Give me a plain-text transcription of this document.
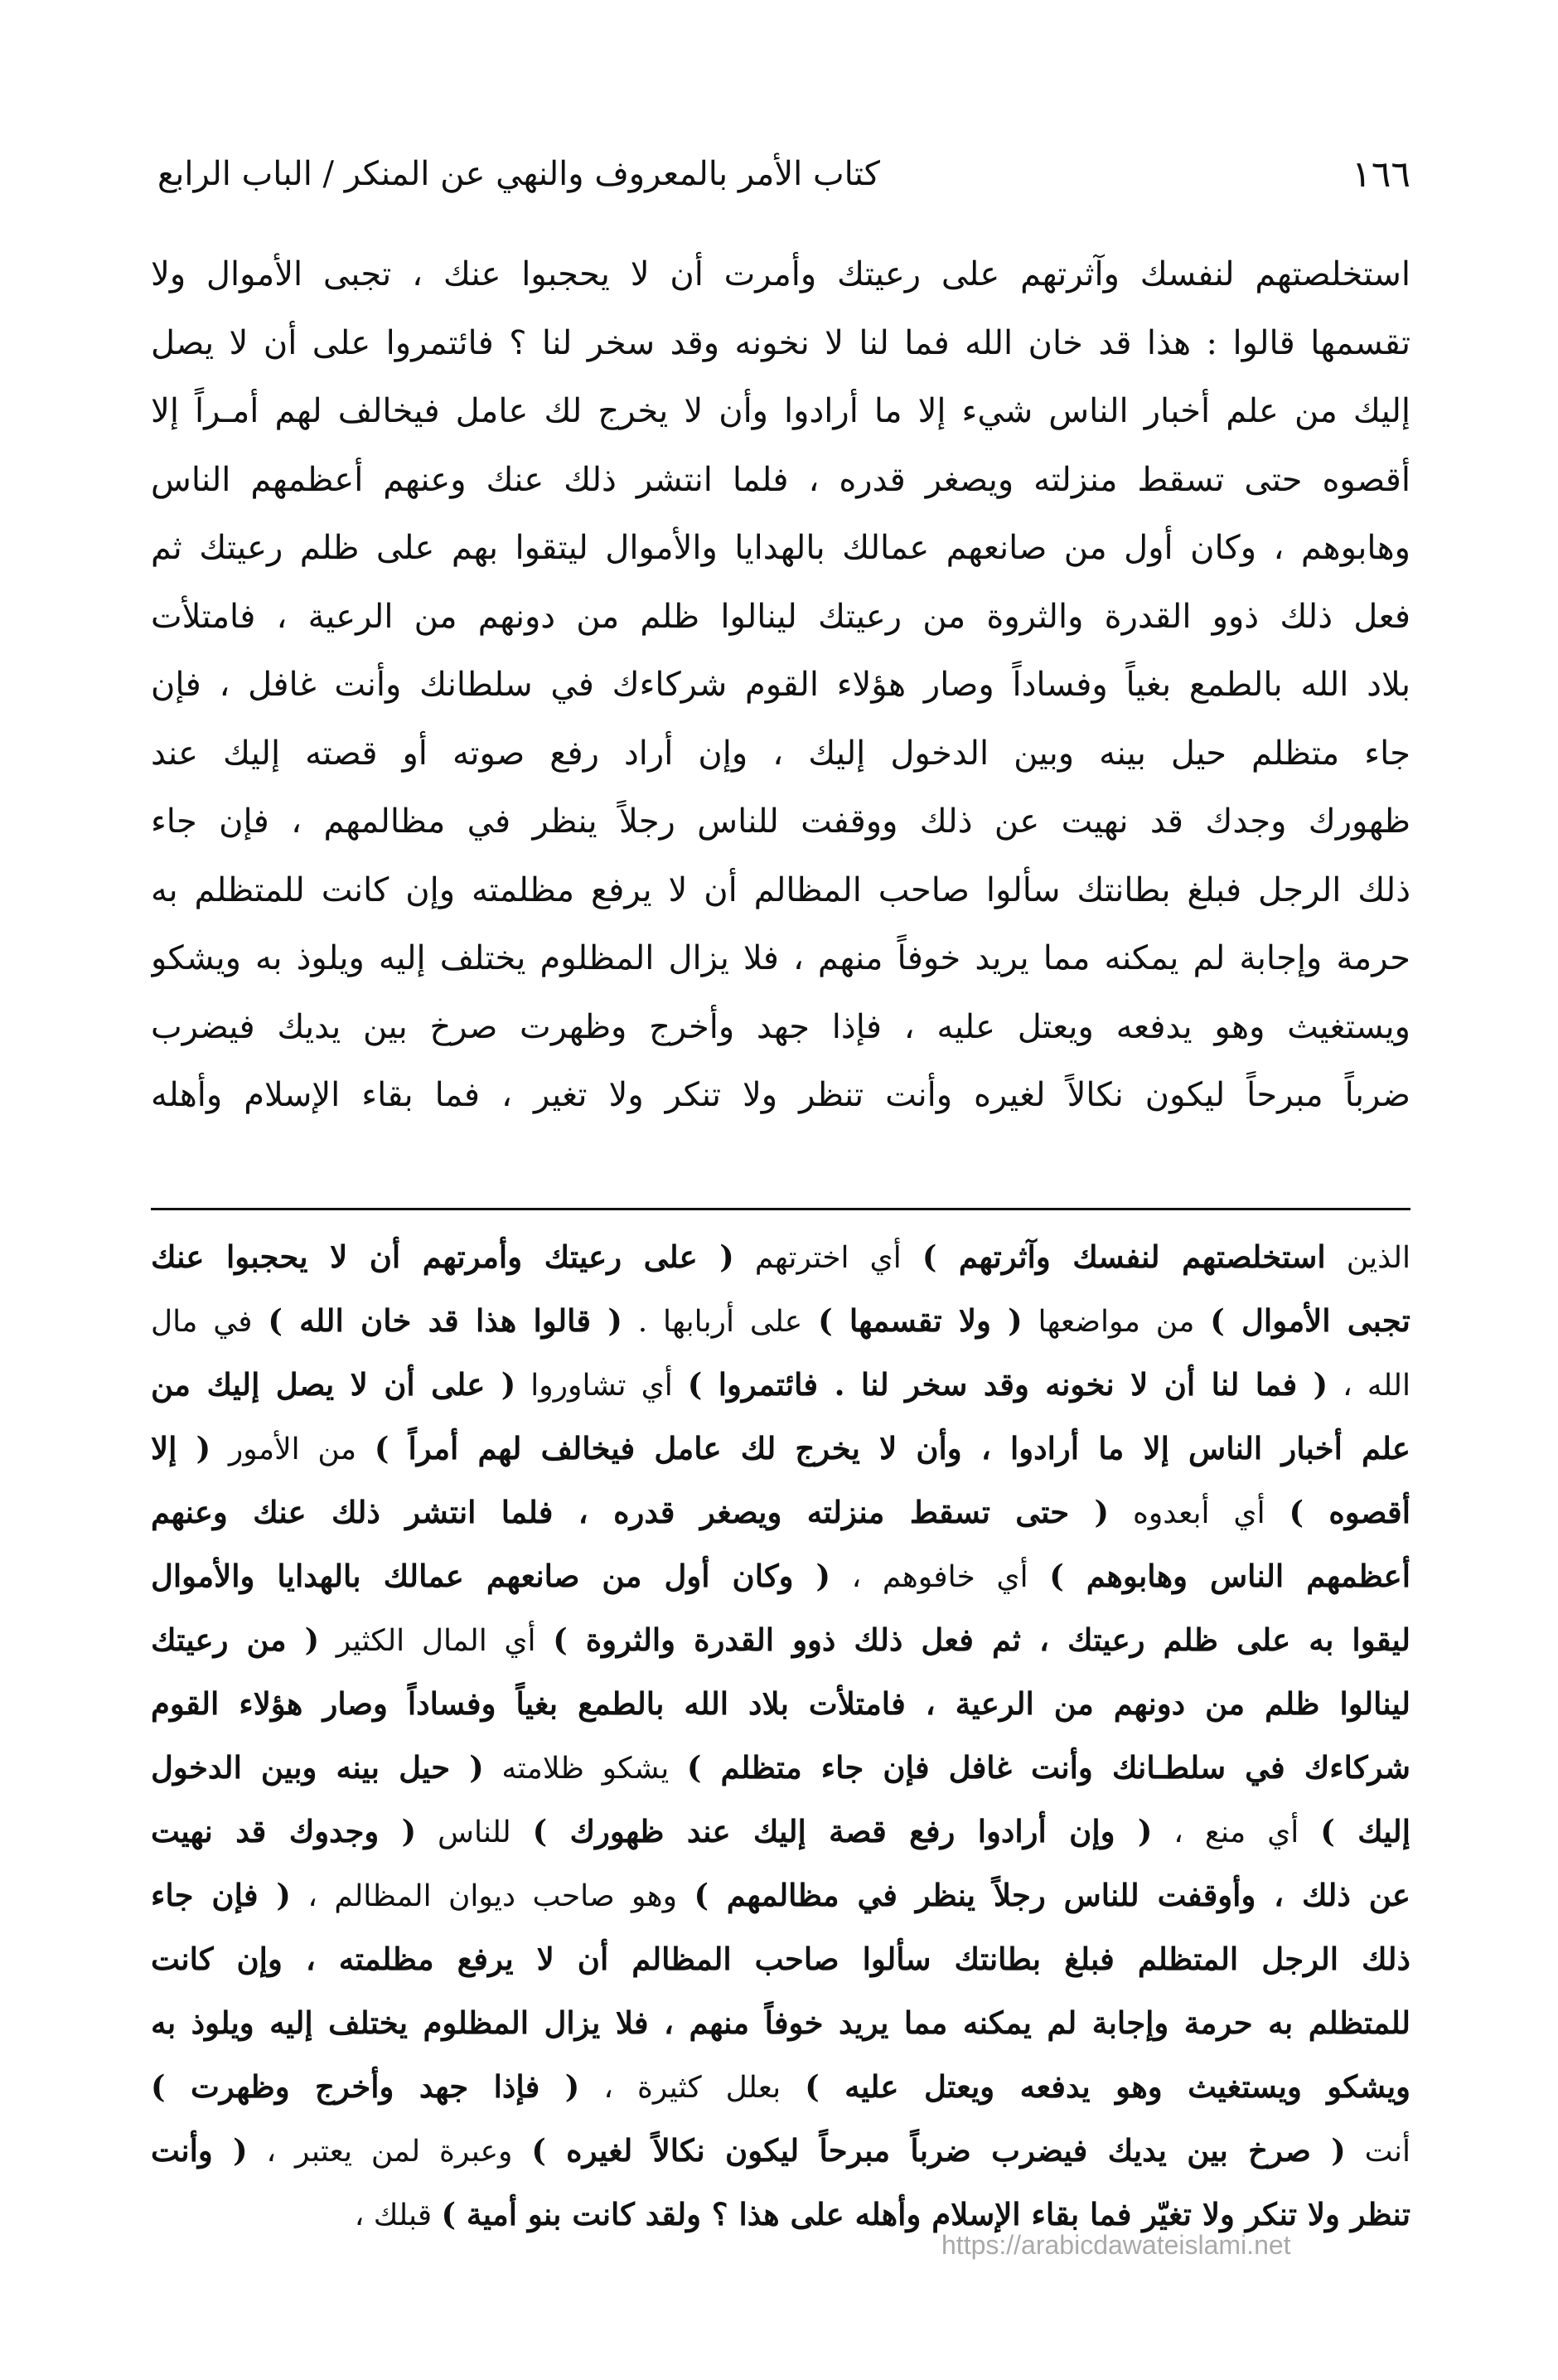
١٦٦
كتاب الأمر بالمعروف والنهي عن المنكر / الباب الرابع
استخلصتهم لنفسك وآثرتهم على رعيتك وأمرت أن لا يحجبوا عنك ، تجبى الأموال ولا
تقسمها قالوا : هذا قد خان الله فما لنا لا نخونه وقد سخر لنا ؟ فائتمروا على أن لا يصل
إليك من علم أخبار الناس شيء إلا ما أرادوا وأن لا يخرج لك عامل فيخالف لهم أمـراً إلا
أقصوه حتى تسقط منزلته ويصغر قدره ، فلما انتشر ذلك عنك وعنهم أعظمهم الناس
وهابوهم ، وكان أول من صانعهم عمالك بالهدايا والأموال ليتقوا بهم على ظلم رعيتك ثم
فعل ذلك ذوو القدرة والثروة من رعيتك لينالوا ظلم من دونهم من الرعية ، فامتلأت
بلاد الله بالطمع بغياً وفساداً وصار هؤلاء القوم شركاءك في سلطانك وأنت غافل ، فإن
جاء متظلم حيل بينه وبين الدخول إليك ، وإن أراد رفع صوته أو قصته إليك عند
ظهورك وجدك قد نهيت عن ذلك ووقفت للناس رجلاً ينظر في مظالمهم ، فإن جاء
ذلك الرجل فبلغ بطانتك سألوا صاحب المظالم أن لا يرفع مظلمته وإن كانت للمتظلم به
حرمة وإجابة لم يمكنه مما يريد خوفاً منهم ، فلا يزال المظلوم يختلف إليه ويلوذ به ويشكو
ويستغيث وهو يدفعه ويعتل عليه ، فإذا جهد وأخرج وظهرت صرخ بين يديك فيضرب
ضرباً مبرحاً ليكون نكالاً لغيره وأنت تنظر ولا تنكر ولا تغير ، فما بقاء الإسلام وأهله
الذين استخلصتهم لنفسك وآثرتهم ) أي اخترتهم ( على رعيتك وأمرتهم أن لا يحجبوا عنك
تجبى الأموال ) من مواضعها ( ولا تقسمها ) على أربابها . ( قالوا هذا قد خان الله ) في مال
الله ، ( فما لنا أن لا نخونه وقد سخر لنا . فائتمروا ) أي تشاوروا ( على أن لا يصل إليك من
علم أخبار الناس إلا ما أرادوا ، وأن لا يخرج لك عامل فيخالف لهم أمراً ) من الأمور ( إلا
أقصوه ) أي أبعدوه ( حتى تسقط منزلته ويصغر قدره ، فلما انتشر ذلك عنك وعنهم
أعظمهم الناس وهابوهم ) أي خافوهم ، ( وكان أول من صانعهم عمالك بالهدايا والأموال
ليقوا به على ظلم رعيتك ، ثم فعل ذلك ذوو القدرة والثروة ) أي المال الكثير ( من رعيتك
لينالوا ظلم من دونهم من الرعية ، فامتلأت بلاد الله بالطمع بغياً وفساداً وصار هؤلاء القوم
شركاءك في سلطـانك وأنت غافل فإن جاء متظلم ) يشكو ظلامته ( حيل بينه وبين الدخول
إليك ) أي منع ، ( وإن أرادوا رفع قصة إليك عند ظهورك ) للناس ( وجدوك قد نهيت
عن ذلك ، وأوقفت للناس رجلاً ينظر في مظالمهم ) وهو صاحب ديوان المظالم ، ( فإن جاء
ذلك الرجل المتظلم فبلغ بطانتك سألوا صاحب المظالم أن لا يرفع مظلمته ، وإن كانت
للمتظلم به حرمة وإجابة لم يمكنه مما يريد خوفاً منهم ، فلا يزال المظلوم يختلف إليه ويلوذ به
ويشكو ويستغيث وهو يدفعه ويعتل عليه ) بعلل كثيرة ، ( فإذا جهد وأخرج وظهرت )
أنت ( صرخ بين يديك فيضرب ضرباً مبرحاً ليكون نكالاً لغيره ) وعبرة لمن يعتبر ، ( وأنت
تنظر ولا تنكر ولا تغيّر فما بقاء الإسلام وأهله على هذا ؟ ولقد كانت بنو أمية ) قبلك ،
https://arabicdawateislami.net
